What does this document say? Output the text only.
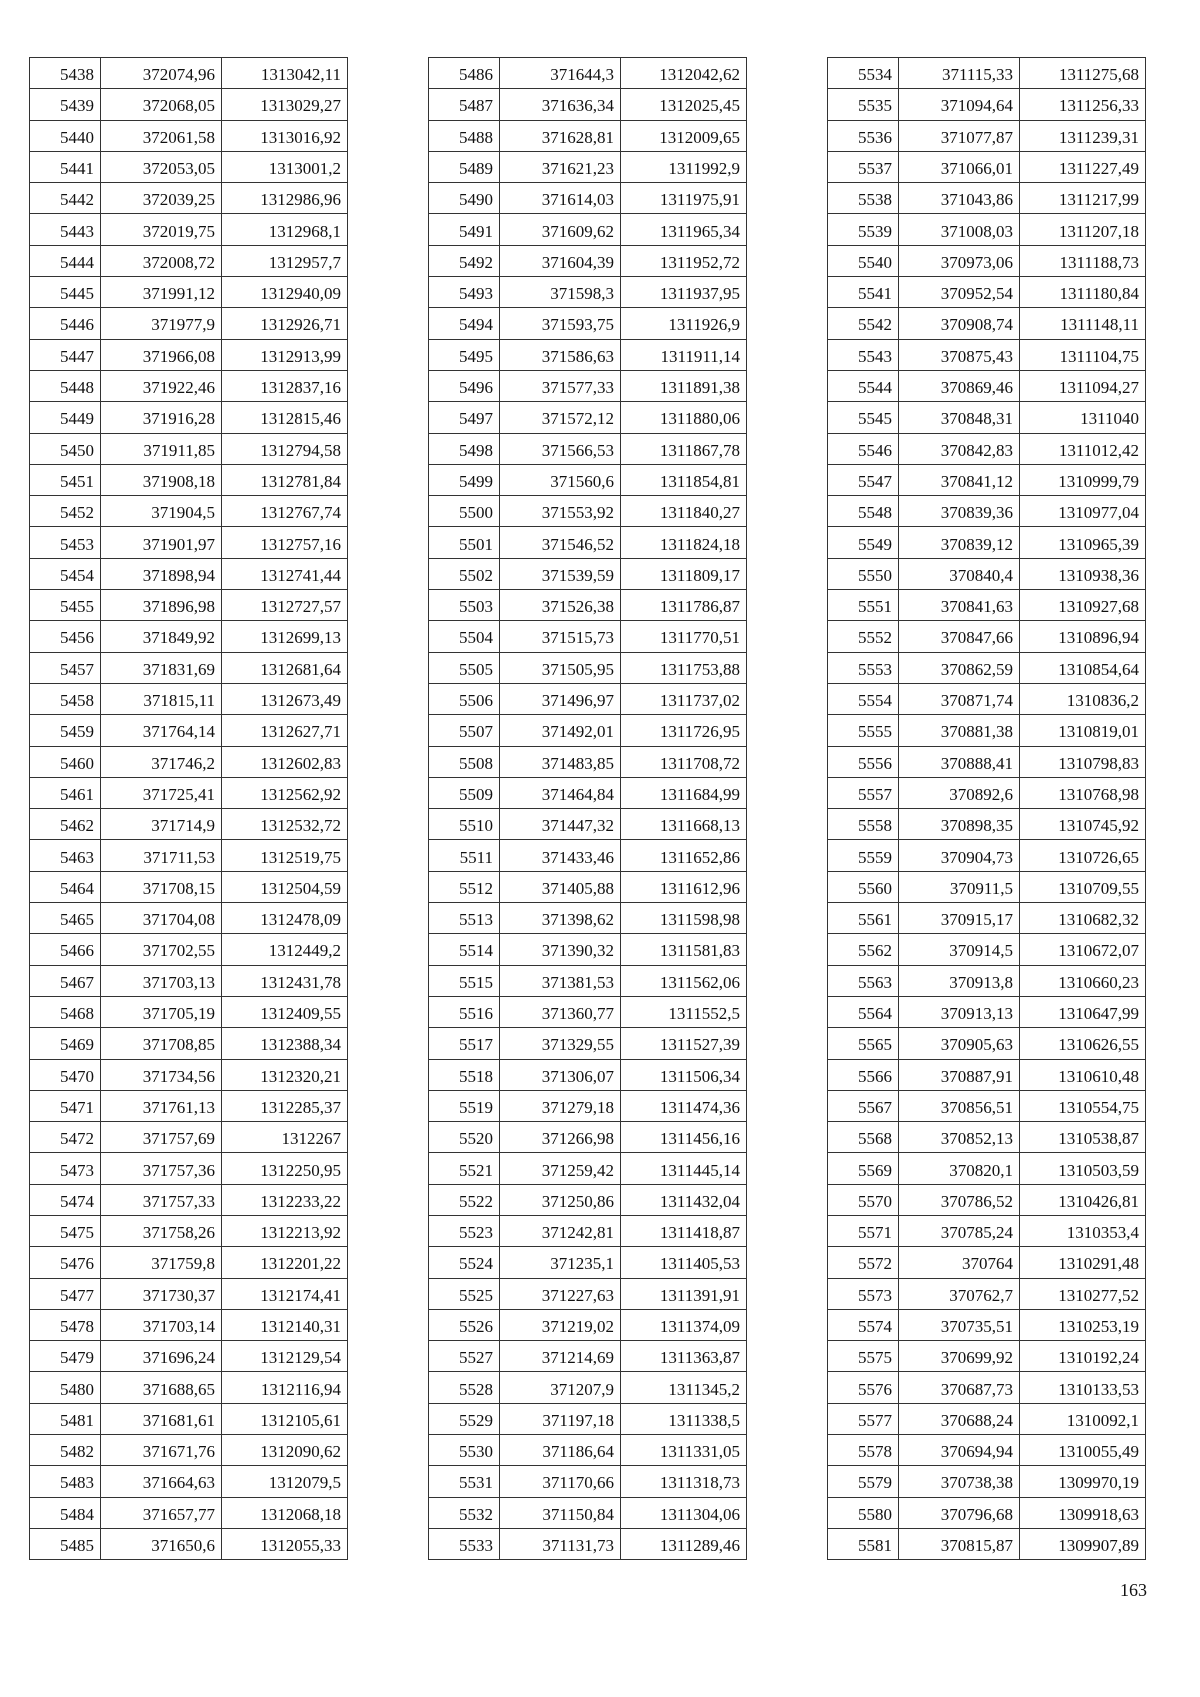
5438	372074,96	1313042,11
5439	372068,05	1313029,27
5440	372061,58	1313016,92
5441	372053,05	1313001,2
5442	372039,25	1312986,96
5443	372019,75	1312968,1
5444	372008,72	1312957,7
5445	371991,12	1312940,09
5446	371977,9	1312926,71
5447	371966,08	1312913,99
5448	371922,46	1312837,16
5449	371916,28	1312815,46
5450	371911,85	1312794,58
5451	371908,18	1312781,84
5452	371904,5	1312767,74
5453	371901,97	1312757,16
5454	371898,94	1312741,44
5455	371896,98	1312727,57
5456	371849,92	1312699,13
5457	371831,69	1312681,64
5458	371815,11	1312673,49
5459	371764,14	1312627,71
5460	371746,2	1312602,83
5461	371725,41	1312562,92
5462	371714,9	1312532,72
5463	371711,53	1312519,75
5464	371708,15	1312504,59
5465	371704,08	1312478,09
5466	371702,55	1312449,2
5467	371703,13	1312431,78
5468	371705,19	1312409,55
5469	371708,85	1312388,34
5470	371734,56	1312320,21
5471	371761,13	1312285,37
5472	371757,69	1312267
5473	371757,36	1312250,95
5474	371757,33	1312233,22
5475	371758,26	1312213,92
5476	371759,8	1312201,22
5477	371730,37	1312174,41
5478	371703,14	1312140,31
5479	371696,24	1312129,54
5480	371688,65	1312116,94
5481	371681,61	1312105,61
5482	371671,76	1312090,62
5483	371664,63	1312079,5
5484	371657,77	1312068,18
5485	371650,6	1312055,33
5486	371644,3	1312042,62
5487	371636,34	1312025,45
5488	371628,81	1312009,65
5489	371621,23	1311992,9
5490	371614,03	1311975,91
5491	371609,62	1311965,34
5492	371604,39	1311952,72
5493	371598,3	1311937,95
5494	371593,75	1311926,9
5495	371586,63	1311911,14
5496	371577,33	1311891,38
5497	371572,12	1311880,06
5498	371566,53	1311867,78
5499	371560,6	1311854,81
5500	371553,92	1311840,27
5501	371546,52	1311824,18
5502	371539,59	1311809,17
5503	371526,38	1311786,87
5504	371515,73	1311770,51
5505	371505,95	1311753,88
5506	371496,97	1311737,02
5507	371492,01	1311726,95
5508	371483,85	1311708,72
5509	371464,84	1311684,99
5510	371447,32	1311668,13
5511	371433,46	1311652,86
5512	371405,88	1311612,96
5513	371398,62	1311598,98
5514	371390,32	1311581,83
5515	371381,53	1311562,06
5516	371360,77	1311552,5
5517	371329,55	1311527,39
5518	371306,07	1311506,34
5519	371279,18	1311474,36
5520	371266,98	1311456,16
5521	371259,42	1311445,14
5522	371250,86	1311432,04
5523	371242,81	1311418,87
5524	371235,1	1311405,53
5525	371227,63	1311391,91
5526	371219,02	1311374,09
5527	371214,69	1311363,87
5528	371207,9	1311345,2
5529	371197,18	1311338,5
5530	371186,64	1311331,05
5531	371170,66	1311318,73
5532	371150,84	1311304,06
5533	371131,73	1311289,46
5534	371115,33	1311275,68
5535	371094,64	1311256,33
5536	371077,87	1311239,31
5537	371066,01	1311227,49
5538	371043,86	1311217,99
5539	371008,03	1311207,18
5540	370973,06	1311188,73
5541	370952,54	1311180,84
5542	370908,74	1311148,11
5543	370875,43	1311104,75
5544	370869,46	1311094,27
5545	370848,31	1311040
5546	370842,83	1311012,42
5547	370841,12	1310999,79
5548	370839,36	1310977,04
5549	370839,12	1310965,39
5550	370840,4	1310938,36
5551	370841,63	1310927,68
5552	370847,66	1310896,94
5553	370862,59	1310854,64
5554	370871,74	1310836,2
5555	370881,38	1310819,01
5556	370888,41	1310798,83
5557	370892,6	1310768,98
5558	370898,35	1310745,92
5559	370904,73	1310726,65
5560	370911,5	1310709,55
5561	370915,17	1310682,32
5562	370914,5	1310672,07
5563	370913,8	1310660,23
5564	370913,13	1310647,99
5565	370905,63	1310626,55
5566	370887,91	1310610,48
5567	370856,51	1310554,75
5568	370852,13	1310538,87
5569	370820,1	1310503,59
5570	370786,52	1310426,81
5571	370785,24	1310353,4
5572	370764	1310291,48
5573	370762,7	1310277,52
5574	370735,51	1310253,19
5575	370699,92	1310192,24
5576	370687,73	1310133,53
5577	370688,24	1310092,1
5578	370694,94	1310055,49
5579	370738,38	1309970,19
5580	370796,68	1309918,63
5581	370815,87	1309907,89
163
